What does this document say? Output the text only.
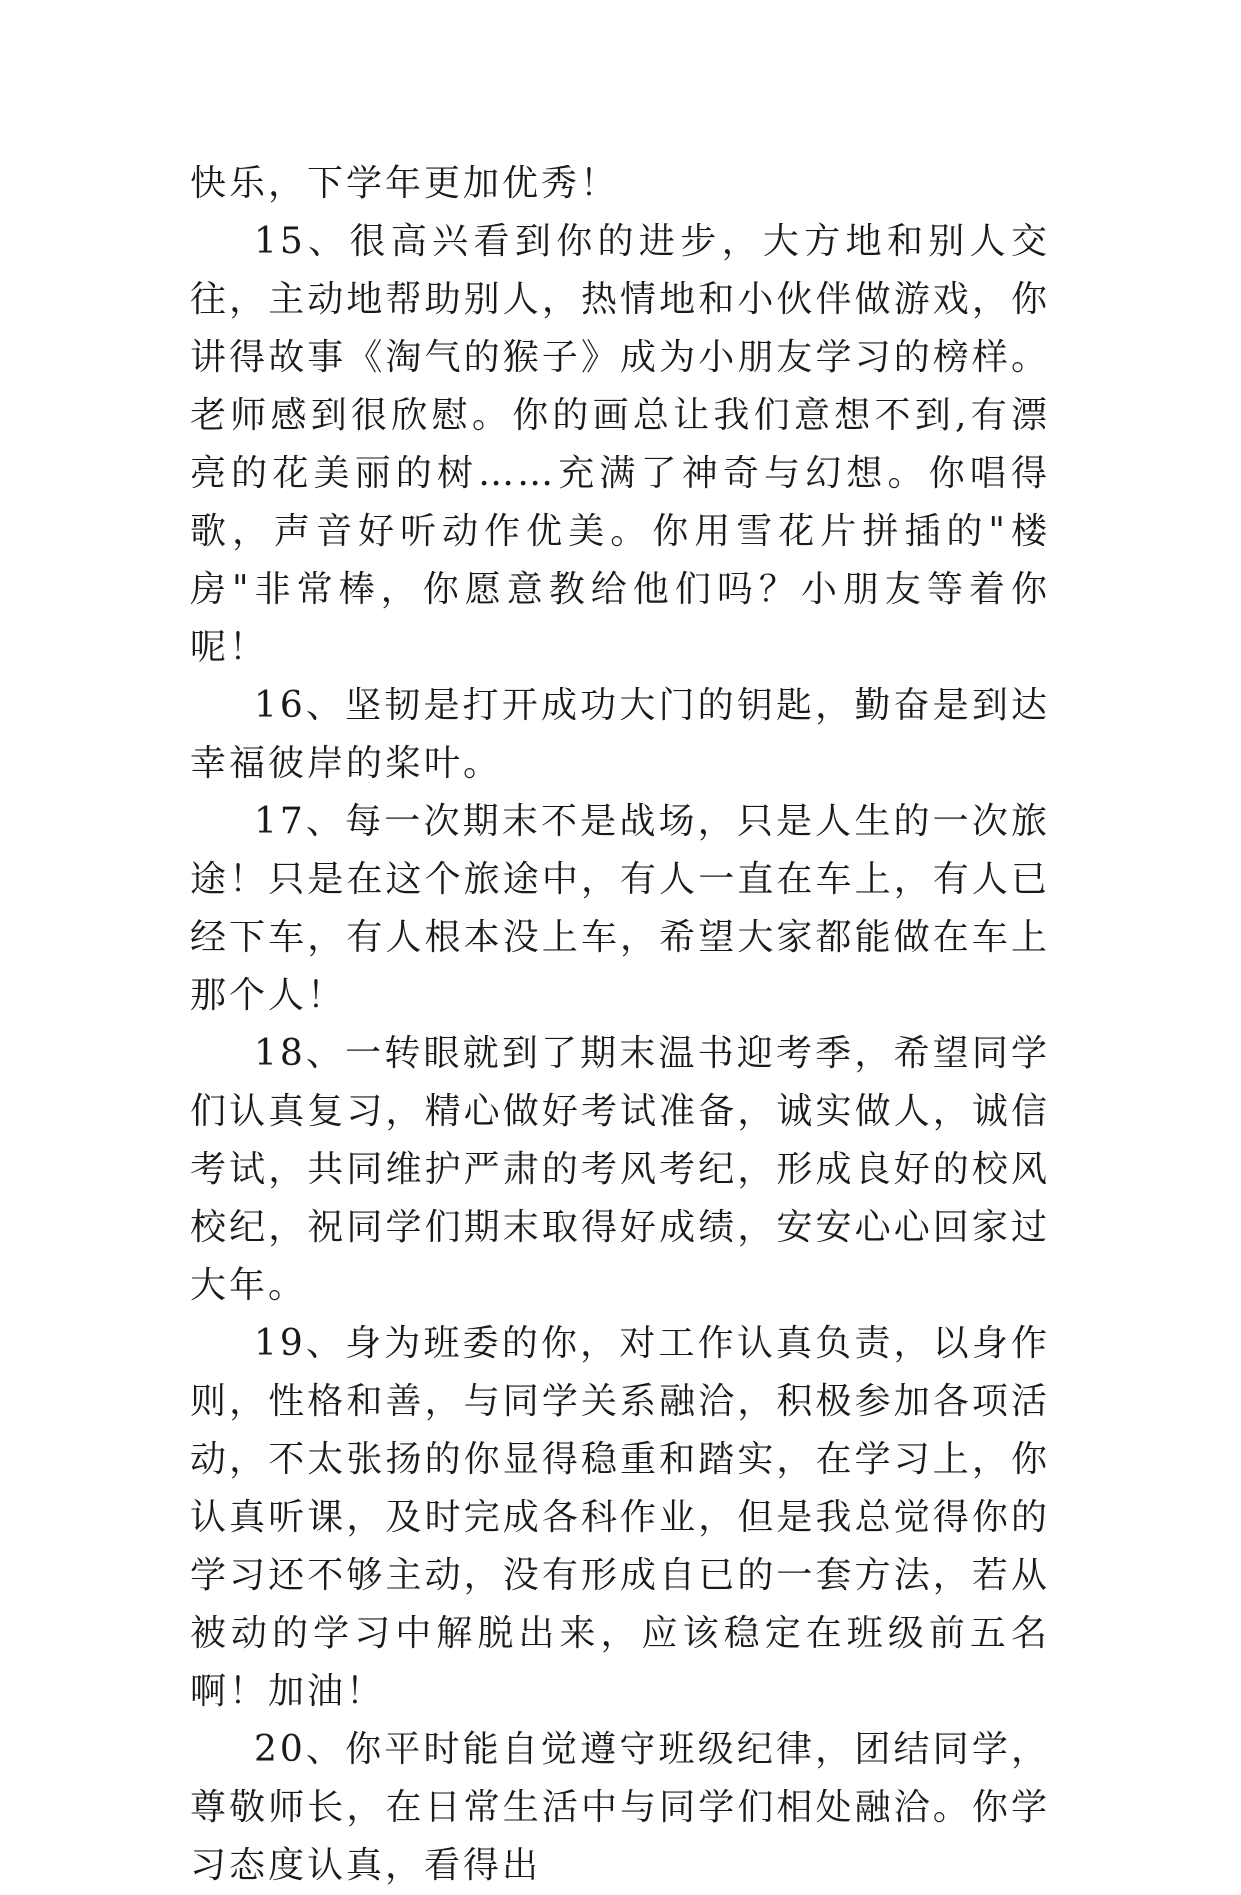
快乐，下学年更加优秀！

15、很高兴看到你的进步，大方地和别人交往，主动地帮助别人，热情地和小伙伴做游戏，你讲得故事《淘气的猴子》成为小朋友学习的榜样。老师感到很欣慰。你的画总让我们意想不到,有漂亮的花美丽的树……充满了神奇与幻想。你唱得歌，声音好听动作优美。你用雪花片拼插的"楼房"非常棒，你愿意教给他们吗？小朋友等着你呢！

16、坚韧是打开成功大门的钥匙，勤奋是到达幸福彼岸的桨叶。

17、每一次期末不是战场，只是人生的一次旅途！只是在这个旅途中，有人一直在车上，有人已经下车，有人根本没上车，希望大家都能做在车上那个人！

18、一转眼就到了期末温书迎考季，希望同学们认真复习，精心做好考试准备，诚实做人，诚信考试，共同维护严肃的考风考纪，形成良好的校风校纪，祝同学们期末取得好成绩，安安心心回家过大年。

19、身为班委的你，对工作认真负责，以身作则，性格和善，与同学关系融洽，积极参加各项活动，不太张扬的你显得稳重和踏实，在学习上，你认真听课，及时完成各科作业，但是我总觉得你的学习还不够主动，没有形成自已的一套方法，若从被动的学习中解脱出来，应该稳定在班级前五名啊！加油！

20、你平时能自觉遵守班级纪律，团结同学，尊敬师长，在日常生活中与同学们相处融洽。你学习态度认真，看得出
